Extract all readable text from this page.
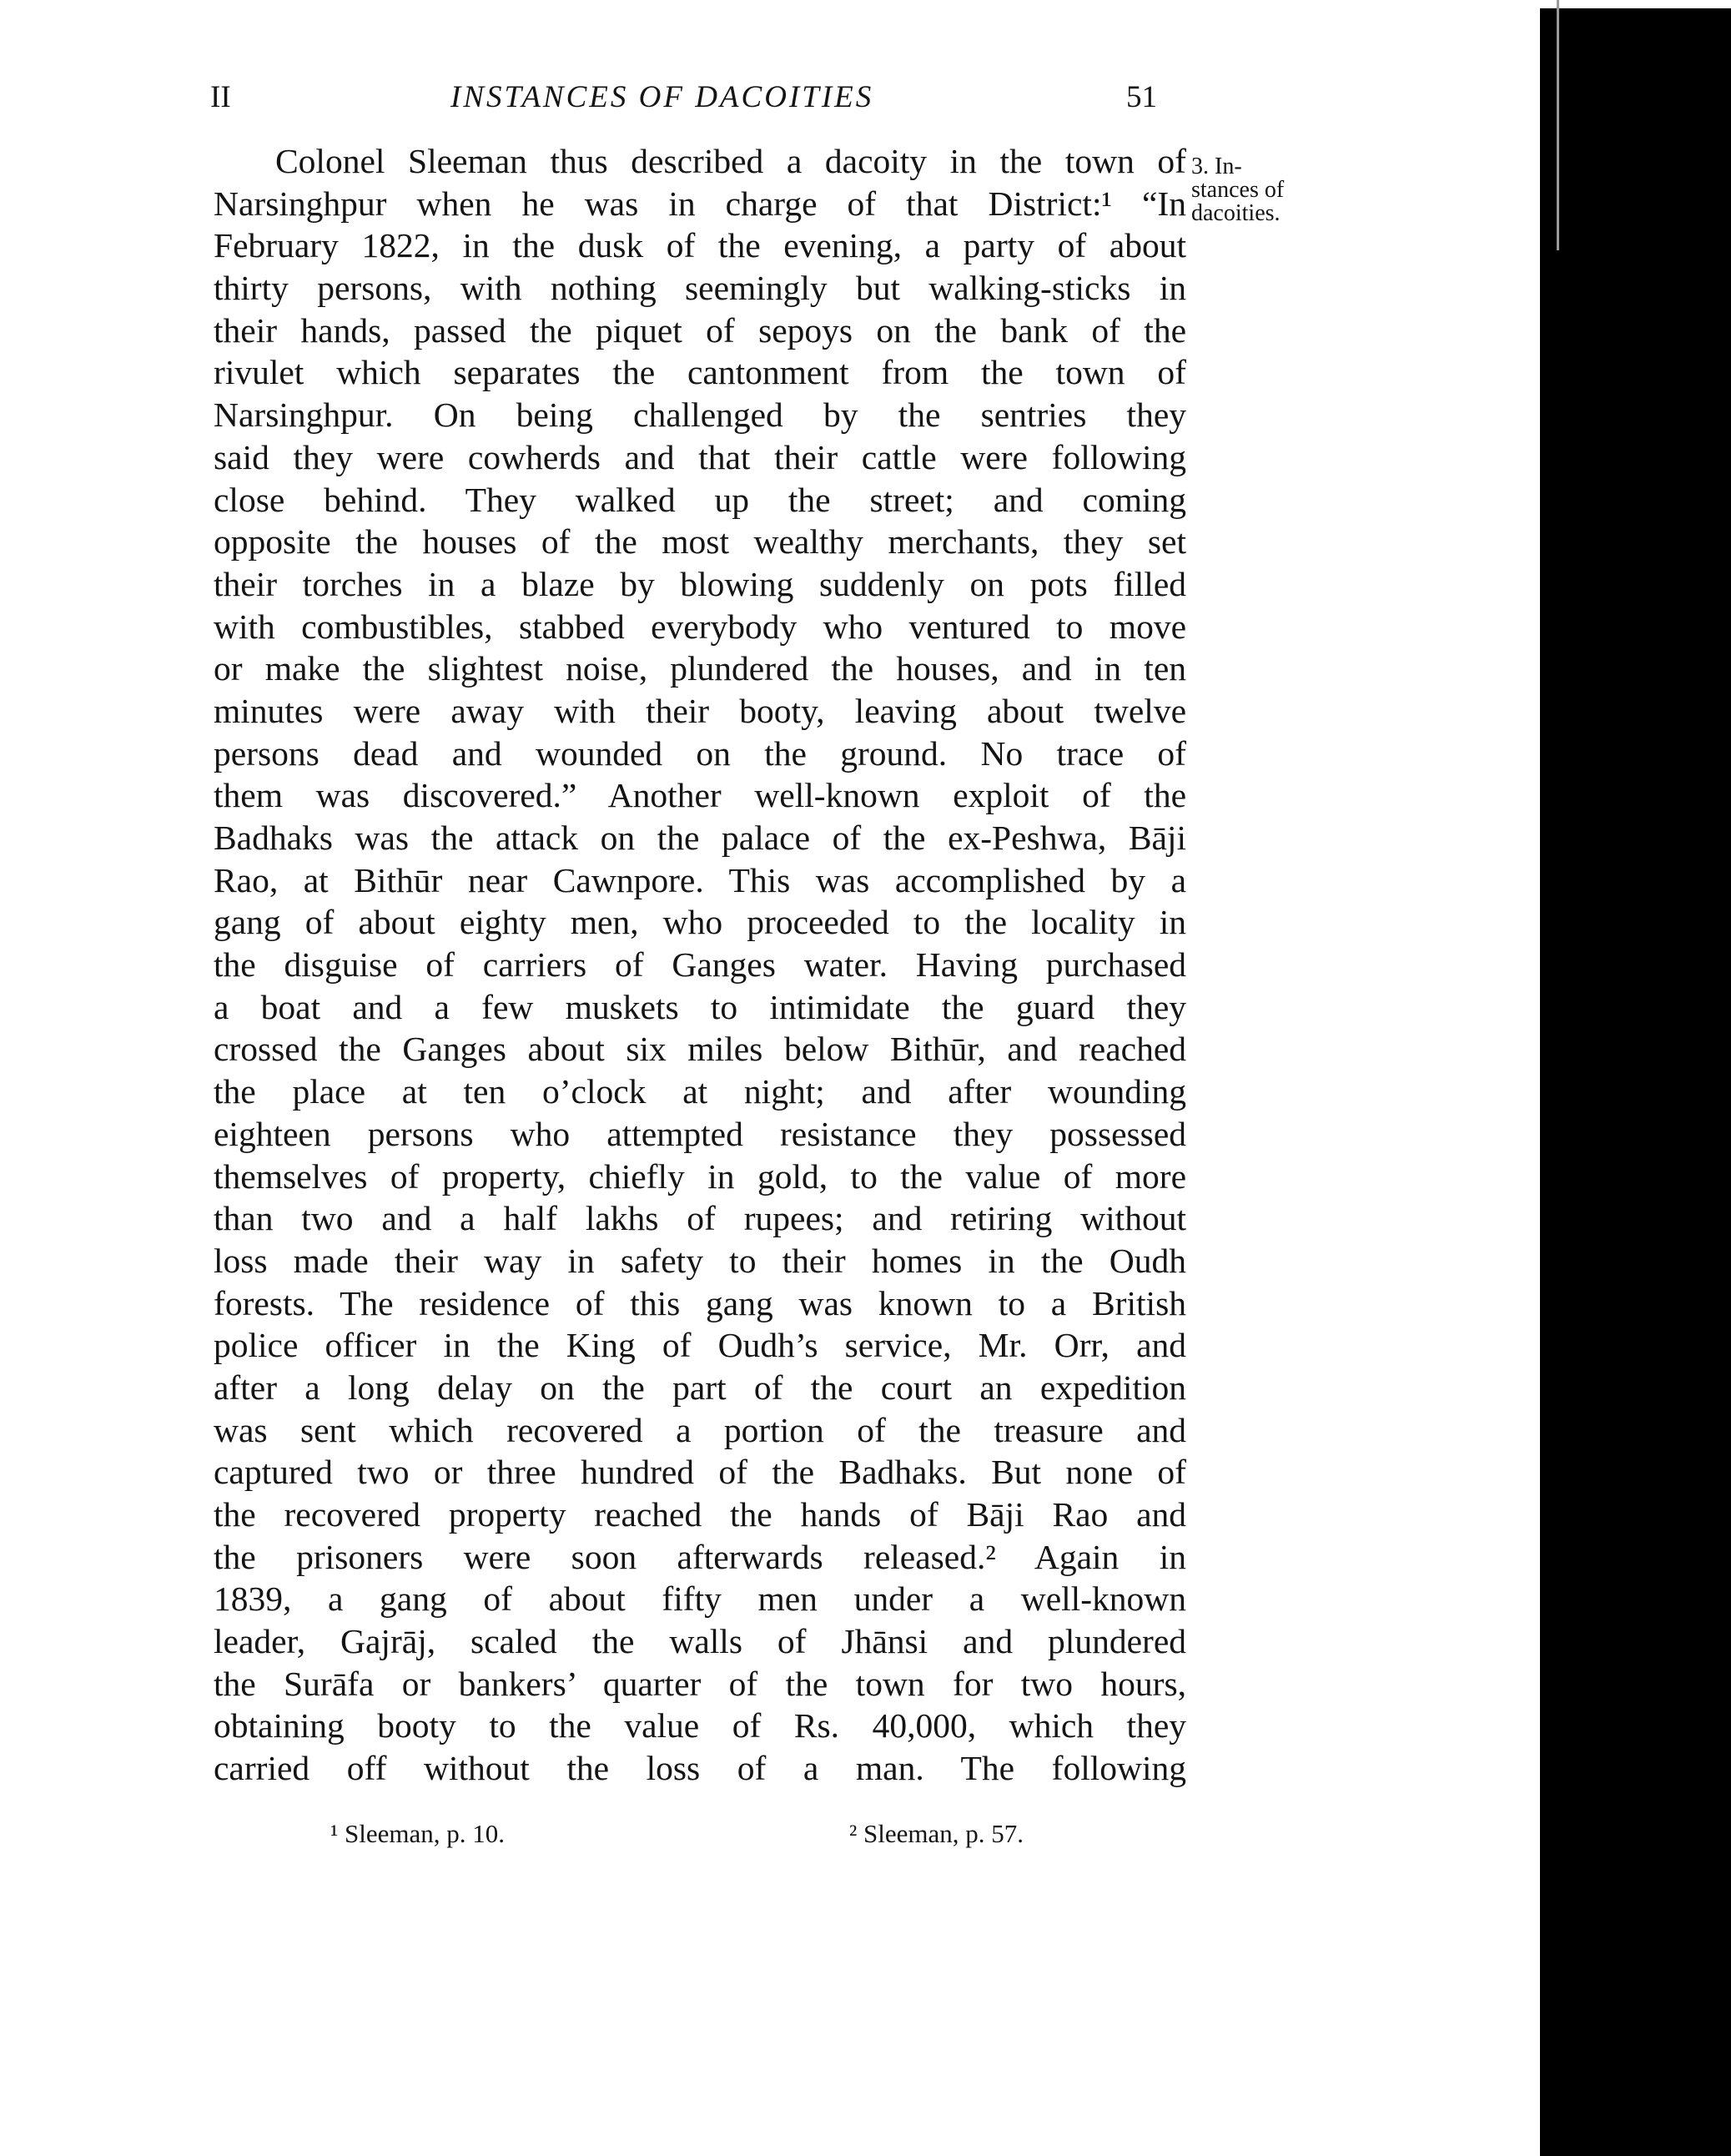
II	INSTANCES OF DACOITIES	51
3. In-
stances of
dacoities.
Colonel Sleeman thus described a dacoity in the town of
Narsinghpur when he was in charge of that District:¹ “In
February 1822, in the dusk of the evening, a party of about
thirty persons, with nothing seemingly but walking-sticks in
their hands, passed the piquet of sepoys on the bank of the
rivulet which separates the cantonment from the town of
Narsinghpur. On being challenged by the sentries they
said they were cowherds and that their cattle were following
close behind. They walked up the street; and coming
opposite the houses of the most wealthy merchants, they set
their torches in a blaze by blowing suddenly on pots filled
with combustibles, stabbed everybody who ventured to move
or make the slightest noise, plundered the houses, and in ten
minutes were away with their booty, leaving about twelve
persons dead and wounded on the ground. No trace of
them was discovered.” Another well-known exploit of the
Badhaks was the attack on the palace of the ex-Peshwa, Bāji
Rao, at Bithūr near Cawnpore. This was accomplished by a
gang of about eighty men, who proceeded to the locality in
the disguise of carriers of Ganges water. Having purchased
a boat and a few muskets to intimidate the guard they
crossed the Ganges about six miles below Bithūr, and reached
the place at ten o’clock at night; and after wounding
eighteen persons who attempted resistance they possessed
themselves of property, chiefly in gold, to the value of more
than two and a half lakhs of rupees; and retiring without
loss made their way in safety to their homes in the Oudh
forests. The residence of this gang was known to a British
police officer in the King of Oudh’s service, Mr. Orr, and
after a long delay on the part of the court an expedition
was sent which recovered a portion of the treasure and
captured two or three hundred of the Badhaks. But none of
the recovered property reached the hands of Bāji Rao and
the prisoners were soon afterwards released.² Again in
1839, a gang of about fifty men under a well-known
leader, Gajrāj, scaled the walls of Jhānsi and plundered
the Surāfa or bankers’ quarter of the town for two hours,
obtaining booty to the value of Rs. 40,000, which they
carried off without the loss of a man. The following
¹ Sleeman, p. 10.	² Sleeman, p. 57.
